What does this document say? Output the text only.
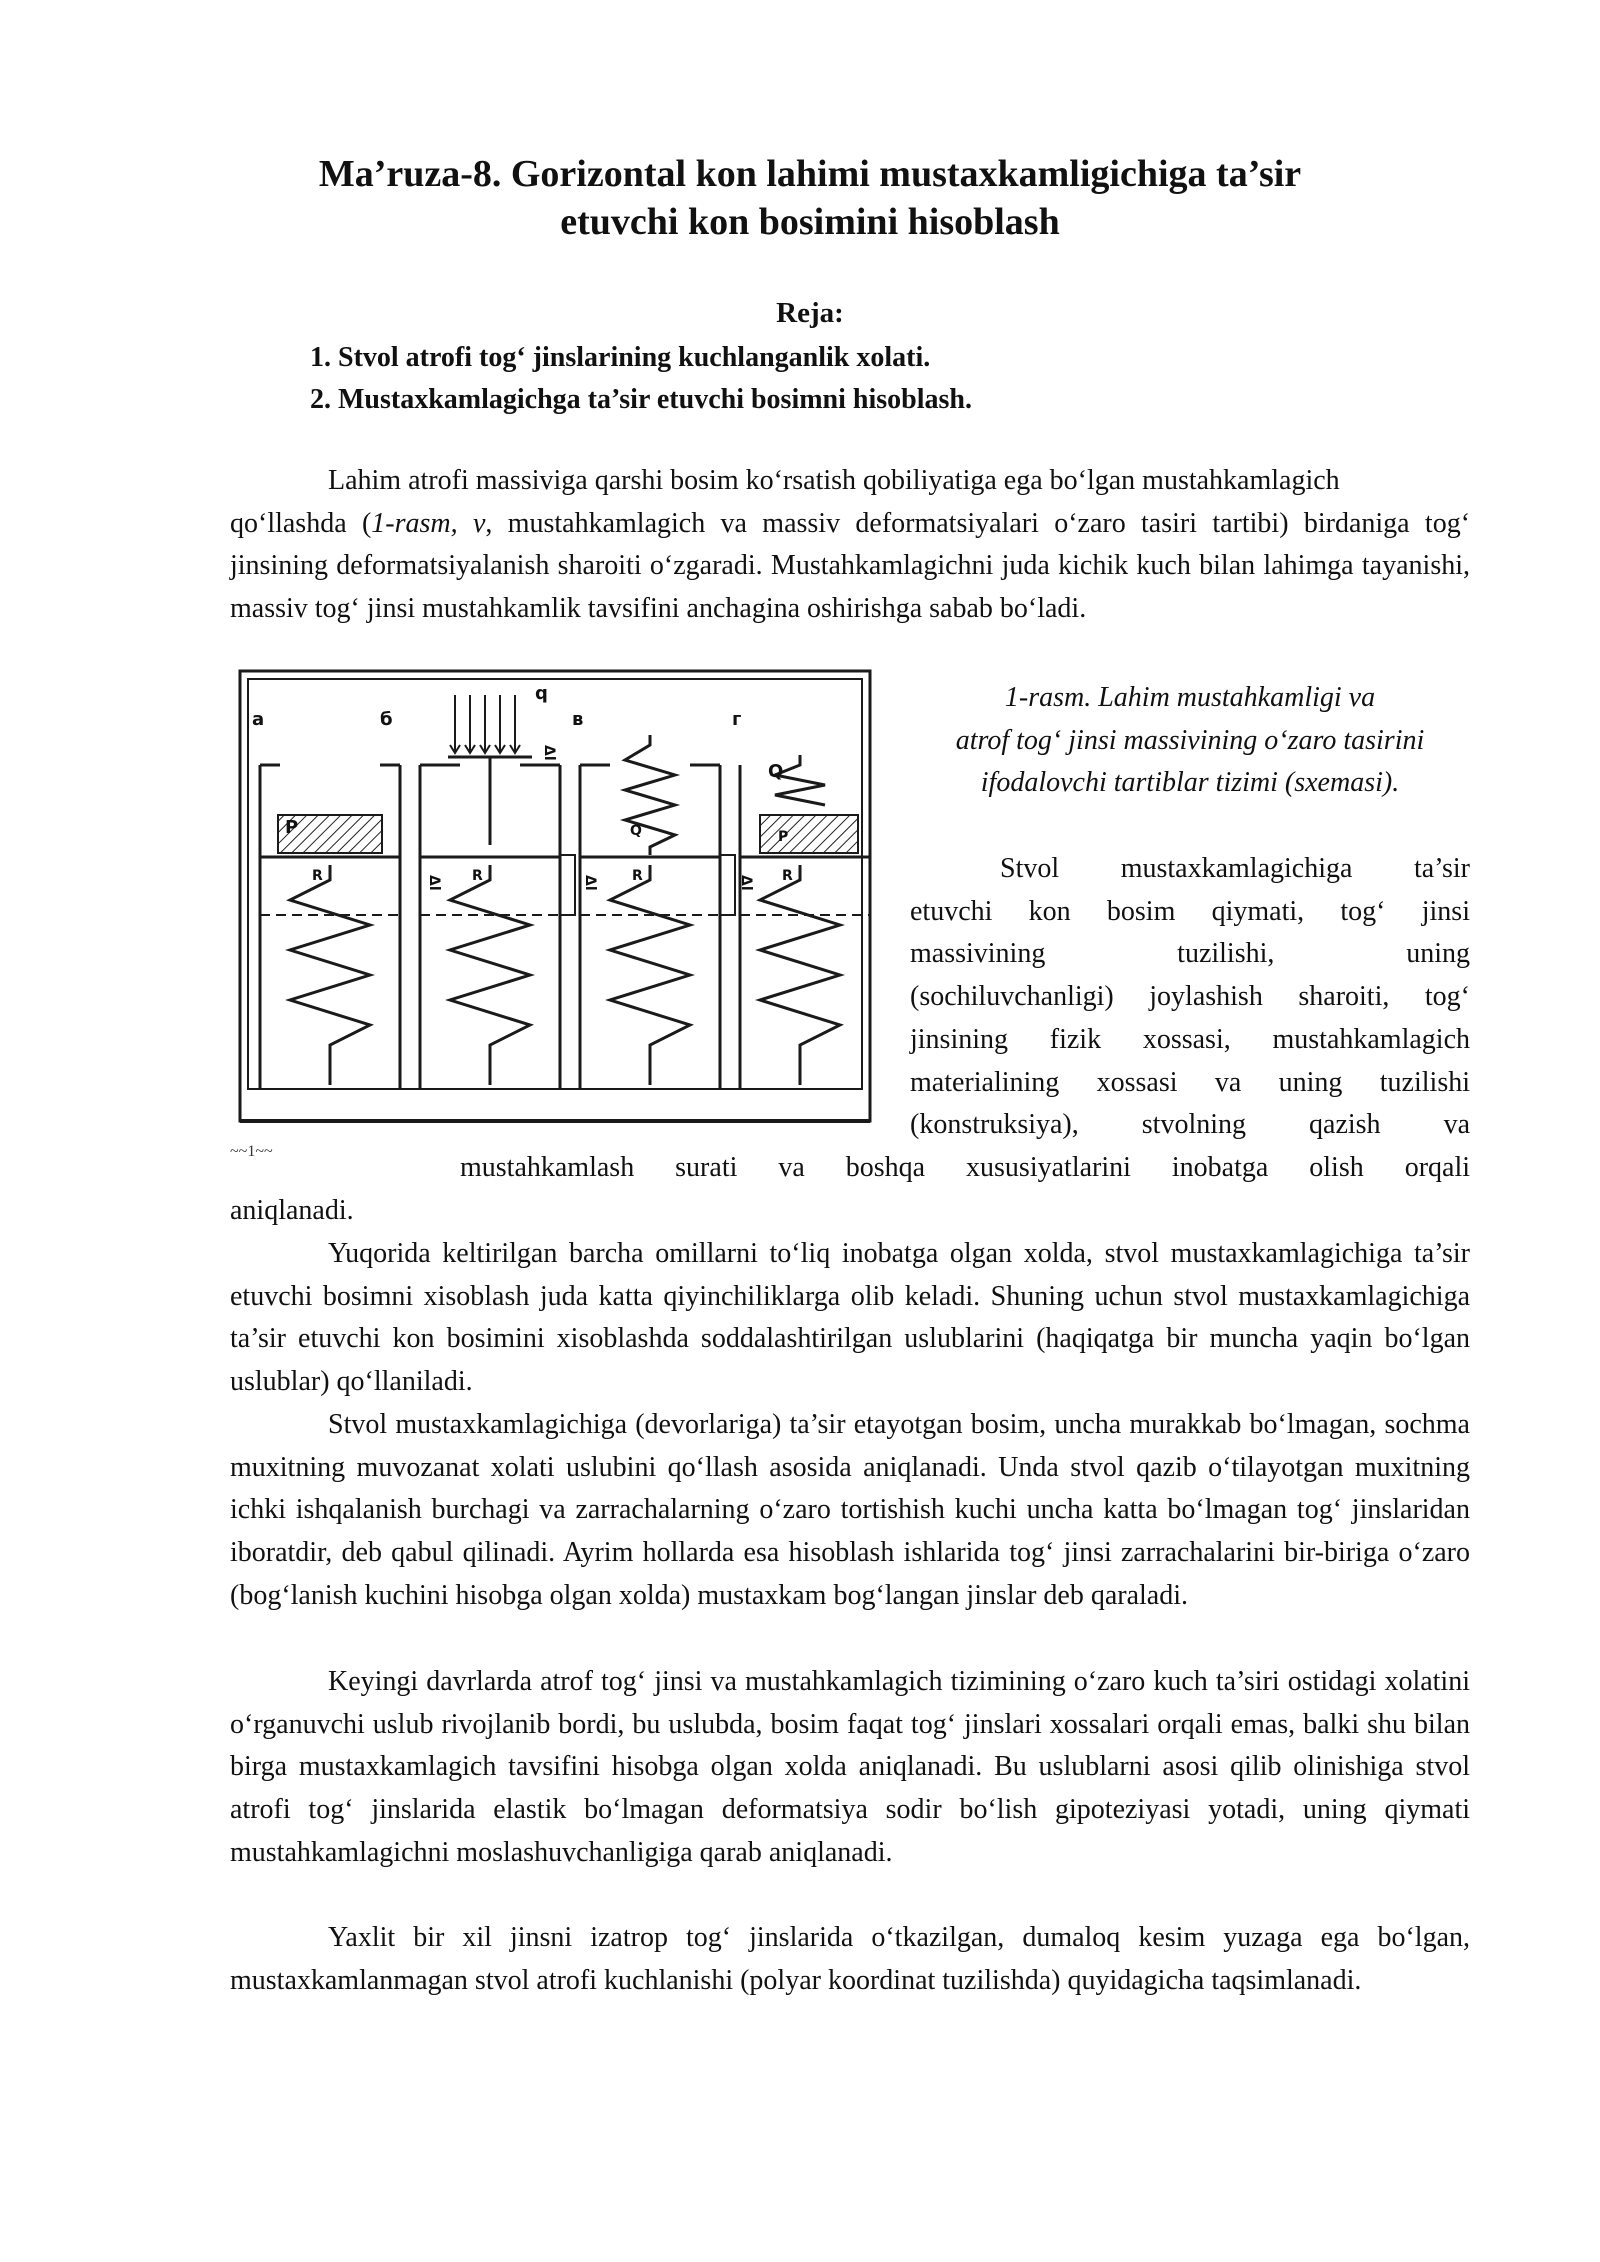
Ma’ruza-8. Gorizontal kon lahimi mustaxkamligichiga ta’sir
etuvchi kon bosimini hisoblash
Reja:
1. Stvol atrofi tog‘ jinslarining kuchlanganlik xolati.
2. Mustaxkamlagichga ta’sir etuvchi bosimni hisoblash.

Lahim atrofi massiviga qarshi bosim ko‘rsatish qobiliyatiga ega bo‘lgan mustahkamlagich
qo‘llashda (1-rasm, v, mustahkamlagich va massiv deformatsiyalari o‘zaro tasiri tartibi) birdaniga tog‘ jinsining deformatsiyalanish sharoiti o‘zgaradi. Mustahkamlagichni juda kichik kuch bilan lahimga tayanishi, massiv tog‘ jinsi mustahkamlik tavsifini anchagina oshirishga sabab bo‘ladi.

a	б	в	г
P
q
Q
Q
P
R	R	R	R
Δl
Δl	Δl	Δl
~~1~~

1-rasm. Lahim mustahkamligi va
atrof tog‘ jinsi massivining o‘zaro tasirini
ifodalovchi tartiblar tizimi (sxemasi).

Stvol mustaxkamlagichiga ta’sir
etuvchi kon bosim qiymati, tog‘ jinsi
massivining tuzilishi, uning
(sochiluvchanligi) joylashish sharoiti, tog‘
jinsining fizik xossasi, mustahkamlagich
materialining xossasi va uning tuzilishi
(konstruksiya), stvolning qazish va

mustahkamlash surati va boshqa xususiyatlarini inobatga olish orqali

aniqlanadi.

Yuqorida keltirilgan barcha omillarni to‘liq inobatga olgan xolda, stvol mustaxkamlagichiga ta’sir etuvchi bosimni xisoblash juda katta qiyinchiliklarga olib keladi. Shuning uchun stvol mustaxkamlagichiga ta’sir etuvchi kon bosimini xisoblashda soddalashtirilgan uslublarini (haqiqatga bir muncha yaqin bo‘lgan uslublar) qo‘llaniladi.

Stvol mustaxkamlagichiga (devorlariga) ta’sir etayotgan bosim, uncha murakkab bo‘lmagan, sochma muxitning muvozanat xolati uslubini qo‘llash asosida aniqlanadi. Unda stvol qazib o‘tilayotgan muxitning ichki ishqalanish burchagi va zarrachalarning o‘zaro tortishish kuchi uncha katta bo‘lmagan tog‘ jinslaridan iboratdir, deb qabul qilinadi. Ayrim hollarda esa hisoblash ishlarida tog‘ jinsi zarrachalarini bir-biriga o‘zaro (bog‘lanish kuchini hisobga olgan xolda) mustaxkam bog‘langan jinslar deb qaraladi.

Keyingi davrlarda atrof tog‘ jinsi va mustahkamlagich tizimining o‘zaro kuch ta’siri ostidagi xolatini o‘rganuvchi uslub rivojlanib bordi, bu uslubda, bosim faqat tog‘ jinslari xossalari orqali emas, balki shu bilan birga mustaxkamlagich tavsifini hisobga olgan xolda aniqlanadi. Bu uslublarni asosi qilib olinishiga stvol atrofi tog‘ jinslarida elastik bo‘lmagan deformatsiya sodir bo‘lish gipoteziyasi yotadi, uning qiymati mustahkamlagichni moslashuvchanligiga qarab aniqlanadi.

Yaxlit bir xil jinsni izatrop tog‘ jinslarida o‘tkazilgan, dumaloq kesim yuzaga ega bo‘lgan, mustaxkamlanmagan stvol atrofi kuchlanishi (polyar koordinat tuzilishda) quyidagicha taqsimlanadi.
